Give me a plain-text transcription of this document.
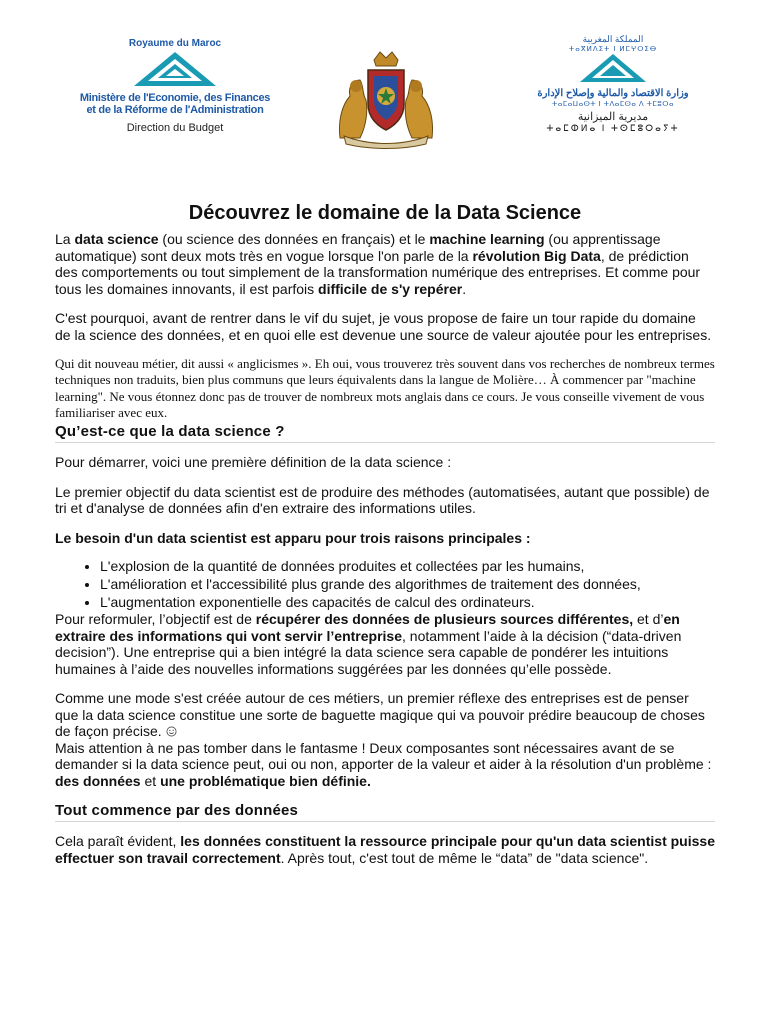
Royaume du Maroc
Ministère de l'Economie, des Finances
et de la Réforme de l'Administration
Direction du Budget
المملكة المغربية
ⵜⴰⴳⵍⴷⵉⵜ ⵏ ⵍⵎⵖⵔⵉⴱ
وزارة الاقتصاد والمالية وإصلاح الإدارة
ⵜⴰⵎⴰⵡⴰⵙⵜ ⵏ ⵜⴷⴰⵎⵙⴰ ⴷ ⵜⵎⵓⵔⴰ
مديرية الميزانية
ⵜⴰⵎⵀⵍⴰ ⵏ ⵜⵙⵎⵓⵔⴰⵢⵜ
Découvrez le domaine de la Data Science

La data science (ou science des données en français) et le machine learning (ou apprentissage automatique) sont deux mots très en vogue lorsque l'on parle de la révolution Big Data, de prédiction des comportements ou tout simplement de la transformation numérique des entreprises. Et comme pour tous les domaines innovants, il est parfois difficile de s'y repérer.

C'est pourquoi, avant de rentrer dans le vif du sujet, je vous propose de faire un tour rapide du domaine de la science des données, et en quoi elle est devenue une source de valeur ajoutée pour les entreprises.

Qui dit nouveau métier, dit aussi « anglicismes ». Eh oui, vous trouverez très souvent dans vos recherches de nombreux termes techniques non traduits, bien plus communs que leurs équivalents dans la langue de Molière… À commencer par "machine learning". Ne vous étonnez donc pas de trouver de nombreux mots anglais dans ce cours. Je vous conseille vivement de vous familiariser avec eux.

Qu’est-ce que la data science ?

Pour démarrer, voici une première définition de la data science :

Le premier objectif du data scientist est de produire des méthodes (automatisées, autant que possible) de tri et d'analyse de données afin d'en extraire des informations utiles.

Le besoin d'un data scientist est apparu pour trois raisons principales :

• L'explosion de la quantité de données produites et collectées par les humains,
• L'amélioration et l'accessibilité plus grande des algorithmes de traitement des données,
• L'augmentation exponentielle des capacités de calcul des ordinateurs.

Pour reformuler, l’objectif est de récupérer des données de plusieurs sources différentes, et d’en extraire des informations qui vont servir l’entreprise, notamment l’aide à la décision (“data-driven decision”). Une entreprise qui a bien intégré la data science sera capable de pondérer les intuitions humaines à l’aide des nouvelles informations suggérées par les données qu’elle possède.

Comme une mode s'est créée autour de ces métiers, un premier réflexe des entreprises est de penser que la data science constitue une sorte de baguette magique qui va pouvoir prédire beaucoup de choses de façon précise.
Mais attention à ne pas tomber dans le fantasme ! Deux composantes sont nécessaires avant de se demander si la data science peut, oui ou non, apporter de la valeur et aider à la résolution d'un problème : des données et une problématique bien définie.

Tout commence par des données

Cela paraît évident, les données constituent la ressource principale pour qu'un data scientist puisse effectuer son travail correctement. Après tout, c'est tout de même le “data” de "data science".
